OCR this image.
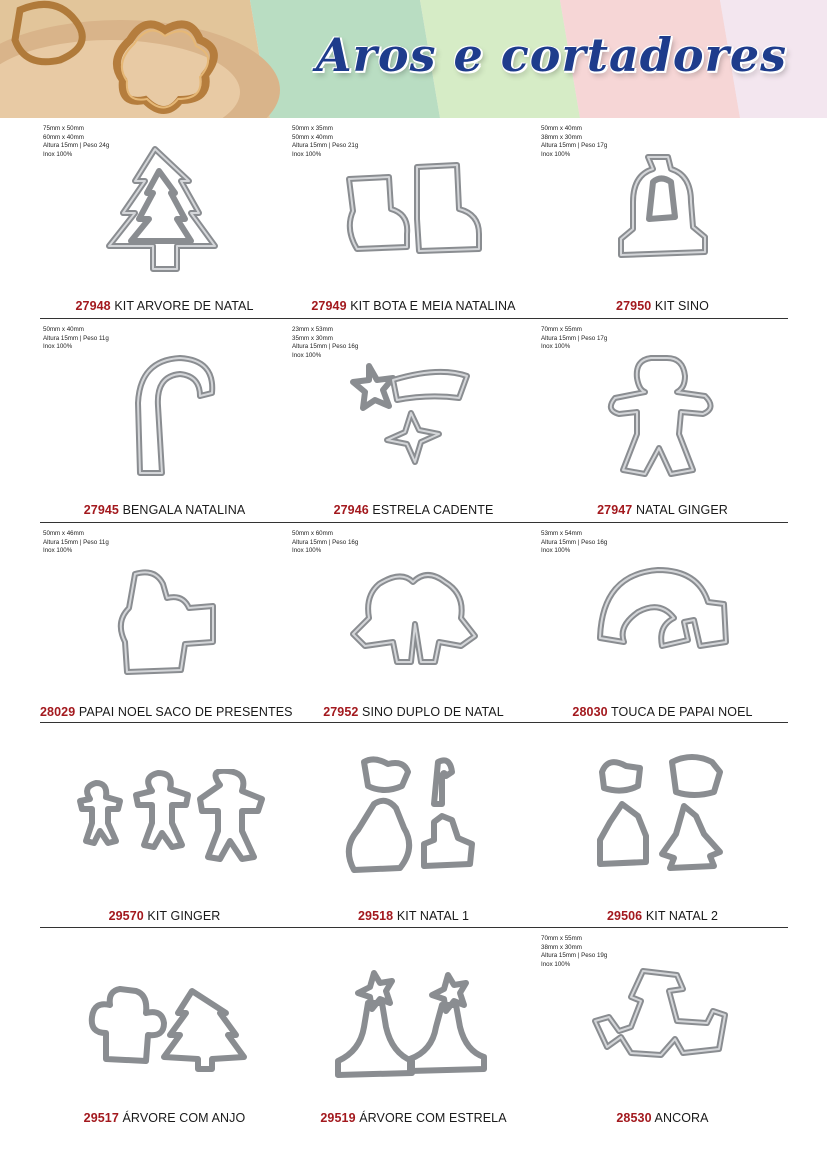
Aros e cortadores
75mm x 50mm
60mm x 40mm
Altura 15mm | Peso 24g
Inox 100%
27948 KIT ARVORE DE NATAL
50mm x 35mm
50mm x 40mm
Altura 15mm | Peso 21g
Inox 100%
27949 KIT BOTA E MEIA NATALINA
50mm x 40mm
38mm x 30mm
Altura 15mm | Peso 17g
Inox 100%
27950 KIT SINO
50mm x 40mm
Altura 15mm | Peso 11g
Inox 100%
27945 BENGALA NATALINA
23mm x 53mm
35mm x 30mm
Altura 15mm | Peso 16g
Inox 100%
27946 ESTRELA CADENTE
70mm x 55mm
Altura 15mm | Peso 17g
Inox 100%
27947 NATAL GINGER
50mm x 46mm
Altura 15mm | Peso 11g
Inox 100%
28029 PAPAI NOEL SACO DE PRESENTES
50mm x 60mm
Altura 15mm | Peso 16g
Inox 100%
27952 SINO DUPLO DE NATAL
53mm x 54mm
Altura 15mm | Peso 16g
Inox 100%
28030 TOUCA DE PAPAI NOEL
29570 KIT GINGER	29518 KIT NATAL 1	29506 KIT NATAL 2
29517 ÁRVORE COM ANJO	29519 ÁRVORE COM ESTRELA
70mm x 55mm
38mm x 30mm
Altura 15mm | Peso 19g
Inox 100%
28530 ANCORA
